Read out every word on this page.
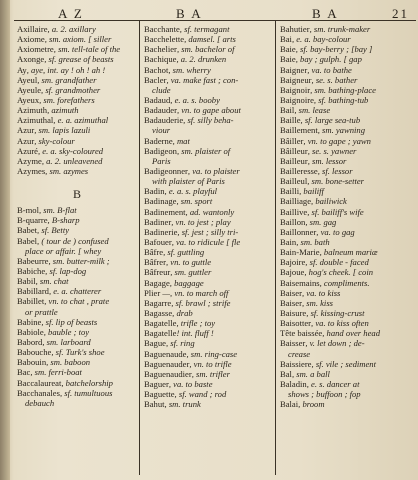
A Z	B A	B A	21
Axillaire, a. 2. axillary
Axiome, sm. axiom. [ siller
Axiometre, sm. tell-tale of the
Axonge, sf. grease of beasts
Ay, aye, int. ay ! oh ! ah !
Ayeul, sm. grandfather
Ayeule, sf. grandmother
Ayeux, sm. forefathers
Azimuth, azimuth
Azimuthal, e. a. azimuthal
Azur, sm. lapis lazuli
Azur, sky-colour
Azuré, e. a. sky-coloured
Azyme, a. 2. unleavened
Azymes, sm. azymes
B
B-mol, sm. B-flat
B-quarre, B-sharp
Babet, sf. Betty
Babel, ( tour de ) confused
place or affair. [ whey
Babeurre, sm. butter-milk ;
Babiche, sf. lap-dog
Babil, sm. chat
Babillard, e. a. chatterer
Babillet, vn. to chat , prate
or prattle
Babine, sf. lip of beasts
Babiole, bauble ; toy
Babord, sm. larboard
Babouche, sf. Turk's shoe
Babouin, sm. baboon
Bac, sm. ferri-boat
Baccalaureat, batchelorship
Bacchanales, sf. tumultuous
debauch
Bacchante, sf. termagant
Bacchelette, damsel. [ arts
Bachelier, sm. bachelor of
Bachique, a. 2. drunken
Bachot, sm. wherry
Bacler, va. make fast ; con-
clude
Badaud, e. a. s. booby
Badauder, vn. to gape about
Badauderie, sf. silly beha-
viour
Baderne, mat
Badigeon, sm. plaister of
Paris
Badigeonner, va. to plaister
with plaister of Paris
Badin, e. a. s. playful
Badinage, sm. sport
Badinement, ad. wantonly
Badiner, vn. to jest ; play
Badinerie, sf. jest ; silly tri-
Bafouer, va. to ridicule [ fle
Bâfre, sf. guttling
Bâfrer, vn. to guttle
Bâfreur, sm. guttler
Bagage, baggage
Plier —, vn. to march off
Bagarre, sf. brawl ; strife
Bagasse, drab
Bagatelle, trifle ; toy
Bagatelle! int. fluff !
Bague, sf. ring
Baguenaude, sm. ring-case
Baguenauder, vn. to trifle
Baguenaudier, sm. trifler
Baguer, va. to baste
Baguette, sf. wand ; rod
Bahut, sm. trunk
Bahutier, sm. trunk-maker
Bai, e. a. bay-colour
Baie, sf. bay-berry ; [bay ]
Baie, bay ; gulph. [ gap
Baigner, va. to bathe
Baigneur, se. s. bather
Baignoir, sm. bathing-place
Baignoire, sf. bathing-tub
Bail, sm. lease
Baille, sf. large sea-tub
Baillement, sm. yawning
Bâiller, vn. to gape ; yawn
Bâilleur, se. s. yawner
Bailleur, sm. lessor
Bailleresse, sf. lessor
Bailleul, sm. bone-setter
Bailli, bailiff
Bailliage, bailiwick
Baillive, sf. bailiff's wife
Baillon, sm. gag
Baillonner, va. to gag
Bain, sm. bath
Bain-Marie, balneum mariæ
Bajoire, sf. double - faced
Bajoue, hog's cheek. [ coin
Baisemains, compliments.
Baiser, va. to kiss
Baiser, sm. kiss
Baisure, sf. kissing-crust
Baisotter, va. to kiss often
Tête baissée, hand over head
Baisser, v. let down ; de-
crease
Baissiere, sf. vile ; sediment
Bal, sm. a ball
Baladin, e. s. dancer at
shows ; buffoon ; fop
Balai, broom
